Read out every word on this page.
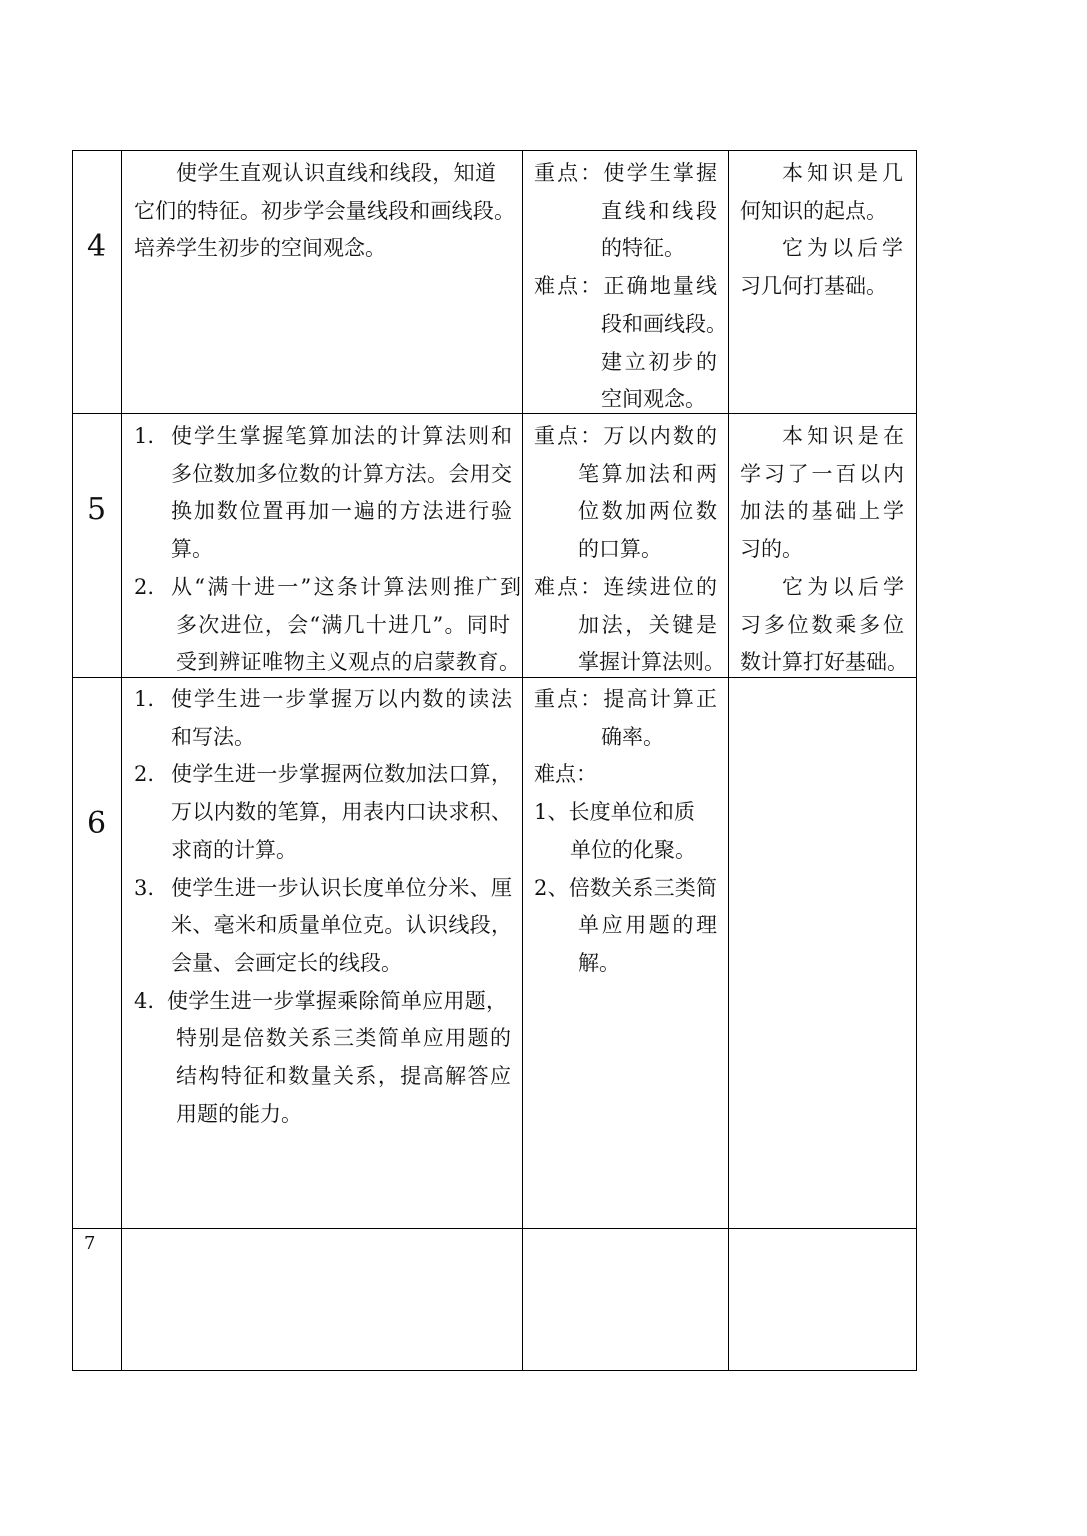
4
使学生直观认识直线和线段，知道
它们的特征。初步学会量线段和画线段。
培养学生初步的空间观念。
重点：使学生掌握
直线和线段
的特征。
难点：正确地量线
段和画线段。
建立初步的
空间观念。
本知识是几
何知识的起点。
它为以后学
习几何打基础。
5
1. 使学生掌握笔算加法的计算法则和
多位数加多位数的计算方法。会用交
换加数位置再加一遍的方法进行验
算。
2. 从“满十进一”这条计算法则推广到
多次进位，会“满几十进几”。同时
受到辨证唯物主义观点的启蒙教育。
重点：万以内数的
笔算加法和两
位数加两位数
的口算。
难点：连续进位的
加法，关键是
掌握计算法则。
本知识是在
学习了一百以内
加法的基础上学
习的。
它为以后学
习多位数乘多位
数计算打好基础。
6
1. 使学生进一步掌握万以内数的读法
和写法。
2. 使学生进一步掌握两位数加法口算，
万以内数的笔算，用表内口诀求积、
求商的计算。
3. 使学生进一步认识长度单位分米、厘
米、毫米和质量单位克。认识线段，
会量、会画定长的线段。
4. 使学生进一步掌握乘除简单应用题，
特别是倍数关系三类简单应用题的
结构特征和数量关系，提高解答应
用题的能力。
重点：提高计算正
确率。
难点：
1、长度单位和质
单位的化聚。
2、倍数关系三类简
单应用题的理
解。
7
